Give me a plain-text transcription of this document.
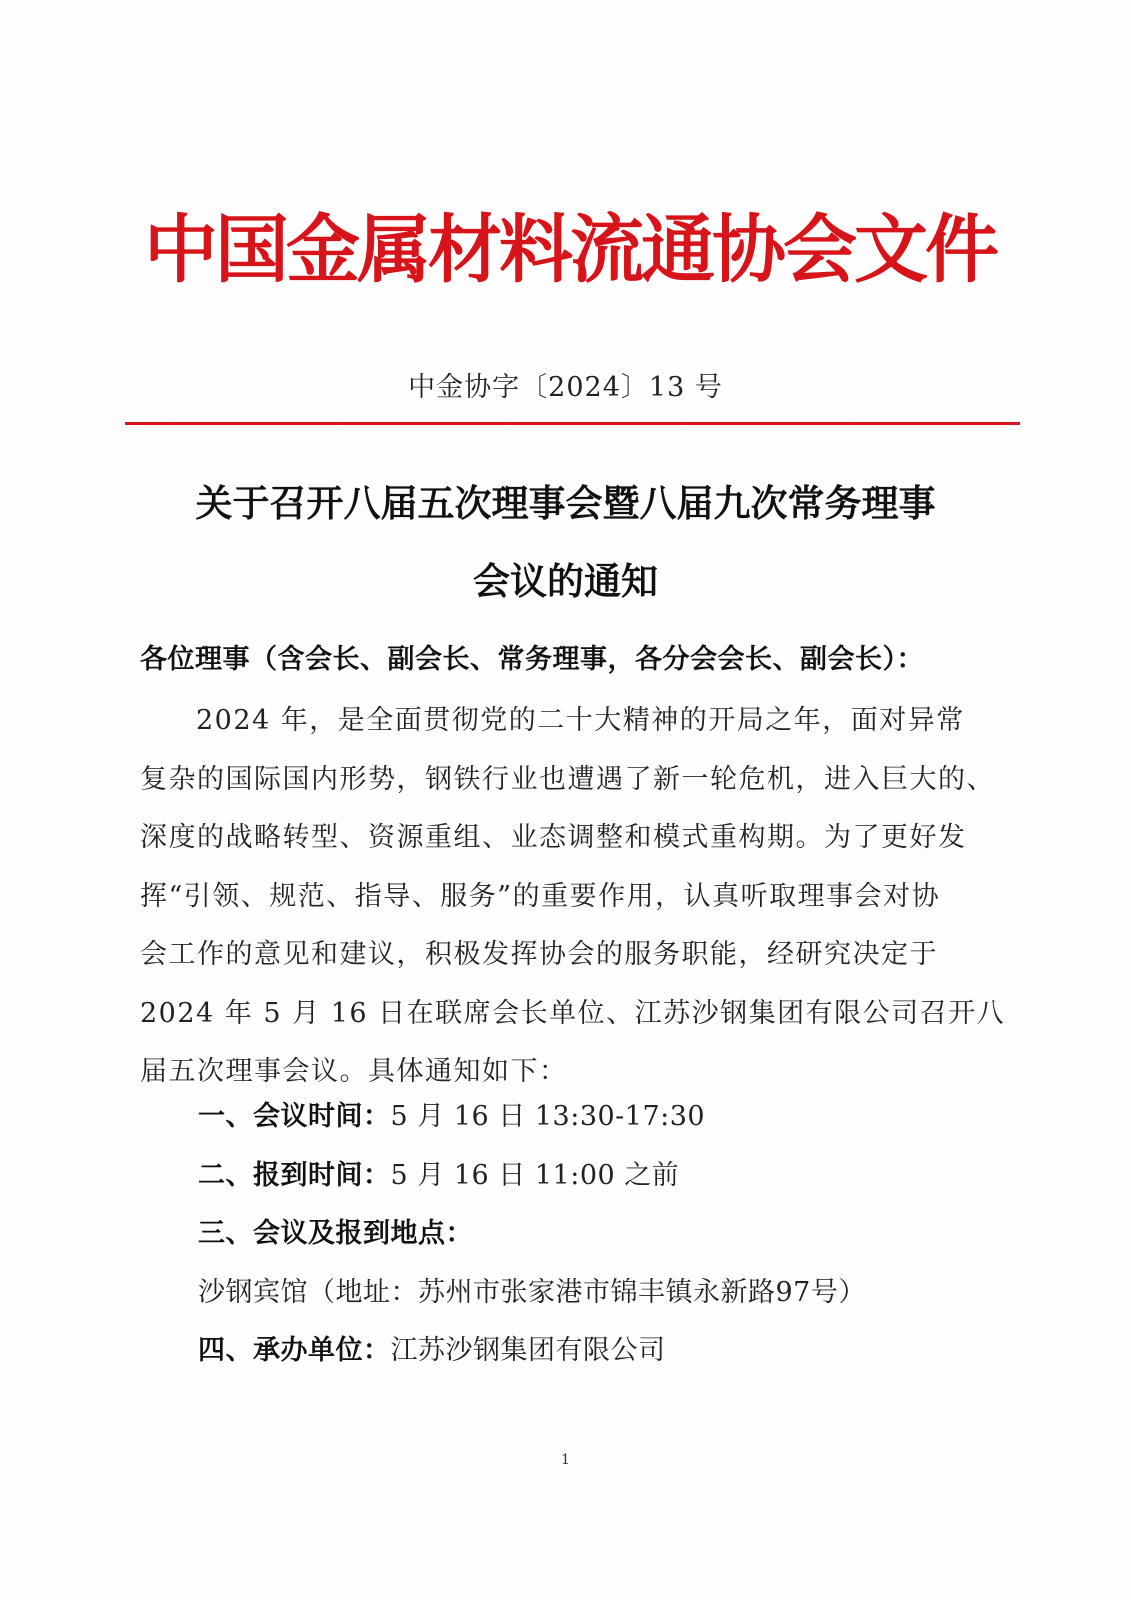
中国金属材料流通协会文件
中金协字〔2024〕13 号
关于召开八届五次理事会暨八届九次常务理事
会议的通知
各位理事（含会长、副会长、常务理事，各分会会长、副会长）：
2024 年，是全面贯彻党的二十大精神的开局之年，面对异常
复杂的国际国内形势，钢铁行业也遭遇了新一轮危机，进入巨大的、
深度的战略转型、资源重组、业态调整和模式重构期。为了更好发
挥“引领、规范、指导、服务”的重要作用，认真听取理事会对协
会工作的意见和建议，积极发挥协会的服务职能，经研究决定于
2024 年 5 月 16 日在联席会长单位、江苏沙钢集团有限公司召开八
届五次理事会议。具体通知如下：
一、会议时间：5 月 16 日 13:30-17:30
二、报到时间：5 月 16 日 11:00 之前
三、会议及报到地点：
沙钢宾馆（地址：苏州市张家港市锦丰镇永新路97号）
四、承办单位：江苏沙钢集团有限公司
1
